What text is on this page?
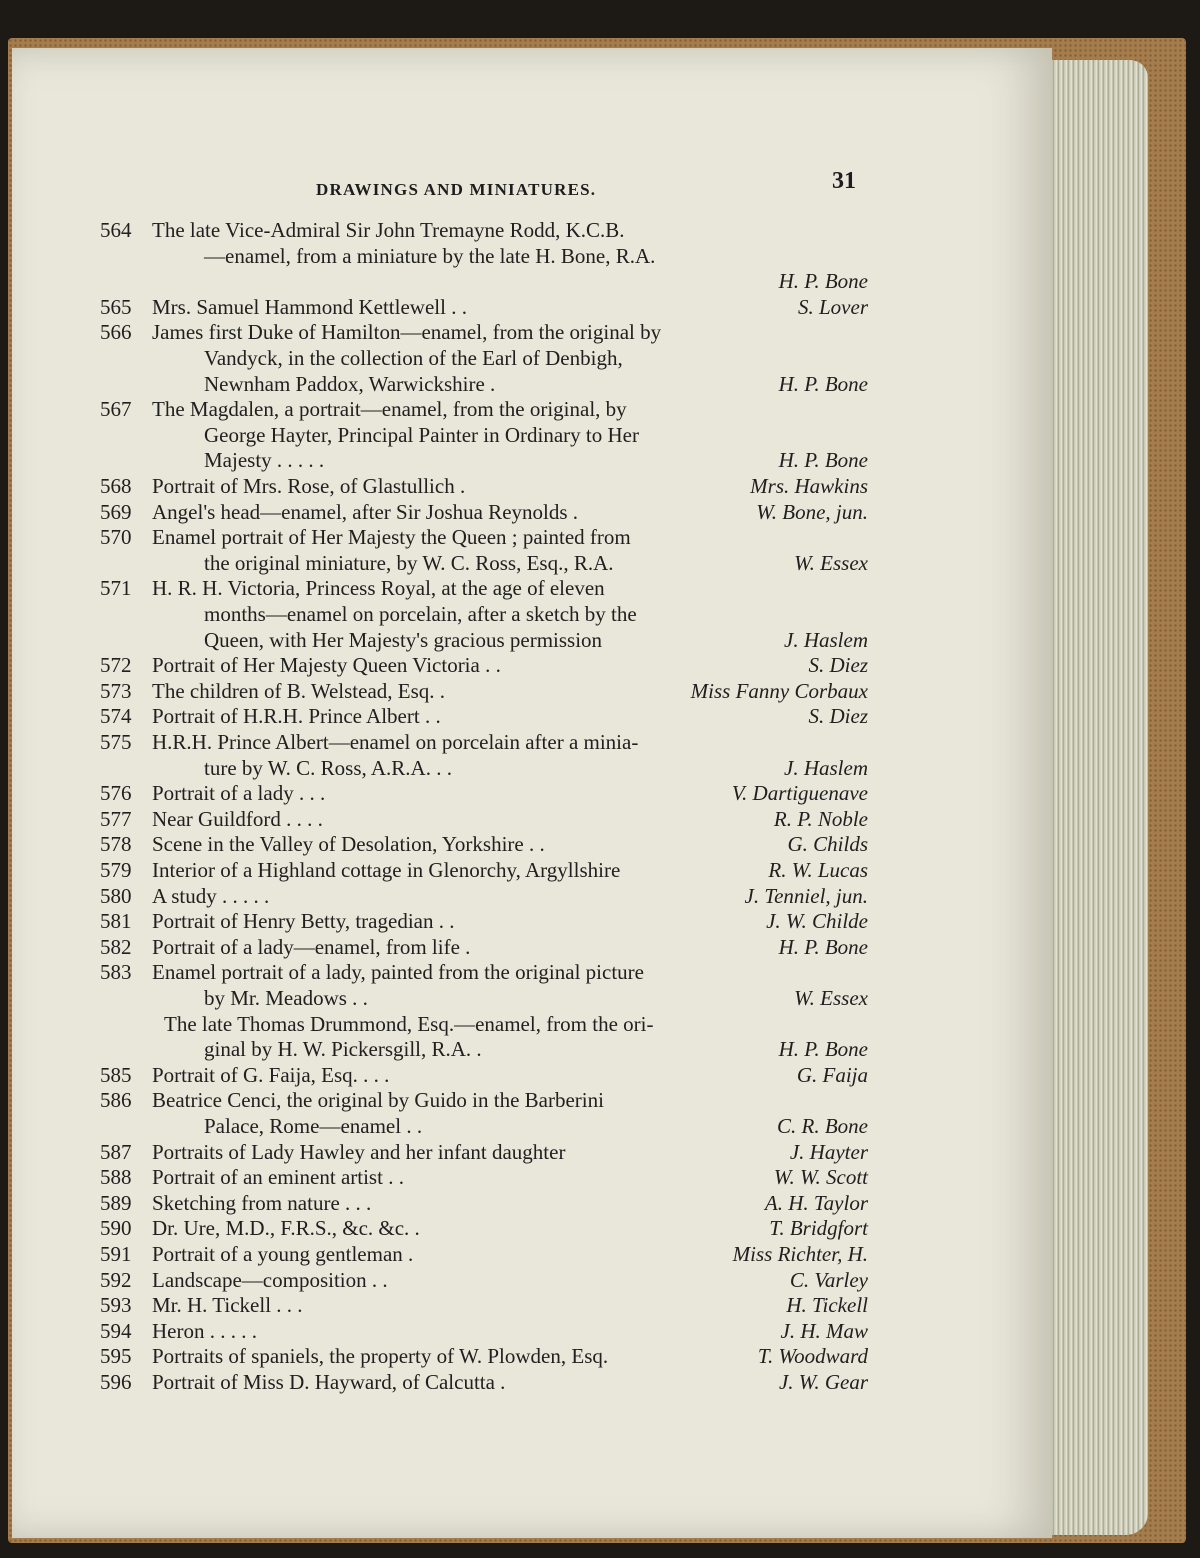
DRAWINGS AND MINIATURES.	31
564 The late Vice-Admiral Sir John Tremayne Rodd, K.C.B.
—enamel, from a miniature by the late H. Bone, R.A.
H. P. Bone
565 Mrs. Samuel Hammond Kettlewell . .	S. Lover
566 James first Duke of Hamilton—enamel, from the original by
Vandyck, in the collection of the Earl of Denbigh,
Newnham Paddox, Warwickshire .	H. P. Bone
567 The Magdalen, a portrait—enamel, from the original, by
George Hayter, Principal Painter in Ordinary to Her
Majesty . . . . .	H. P. Bone
568 Portrait of Mrs. Rose, of Glastullich .	Mrs. Hawkins
569 Angel's head—enamel, after Sir Joshua Reynolds .	W. Bone, jun.
570 Enamel portrait of Her Majesty the Queen ; painted from
the original miniature, by W. C. Ross, Esq., R.A.	W. Essex
571 H. R. H. Victoria, Princess Royal, at the age of eleven
months—enamel on porcelain, after a sketch by the
Queen, with Her Majesty's gracious permission	J. Haslem
572 Portrait of Her Majesty Queen Victoria . .	S. Diez
573 The children of B. Welstead, Esq. .	Miss Fanny Corbaux
574 Portrait of H.R.H. Prince Albert . .	S. Diez
575 H.R.H. Prince Albert—enamel on porcelain after a minia-
ture by W. C. Ross, A.R.A. . .	J. Haslem
576 Portrait of a lady . . .	V. Dartiguenave
577 Near Guildford . . . .	R. P. Noble
578 Scene in the Valley of Desolation, Yorkshire . .	G. Childs
579 Interior of a Highland cottage in Glenorchy, Argyllshire	R. W. Lucas
580 A study . . . . .	J. Tenniel, jun.
581 Portrait of Henry Betty, tragedian . .	J. W. Childe
582 Portrait of a lady—enamel, from life .	H. P. Bone
583 Enamel portrait of a lady, painted from the original picture
by Mr. Meadows . .	W. Essex
The late Thomas Drummond, Esq.—enamel, from the ori-
ginal by H. W. Pickersgill, R.A. .	H. P. Bone
585 Portrait of G. Faija, Esq. . . .	G. Faija
586 Beatrice Cenci, the original by Guido in the Barberini
Palace, Rome—enamel . .	C. R. Bone
587 Portraits of Lady Hawley and her infant daughter	J. Hayter
588 Portrait of an eminent artist . .	W. W. Scott
589 Sketching from nature . . .	A. H. Taylor
590 Dr. Ure, M.D., F.R.S., &c. &c. .	T. Bridgfort
591 Portrait of a young gentleman .	Miss Richter, H.
592 Landscape—composition . .	C. Varley
593 Mr. H. Tickell . . .	H. Tickell
594 Heron . . . . .	J. H. Maw
595 Portraits of spaniels, the property of W. Plowden, Esq.	T. Woodward
596 Portrait of Miss D. Hayward, of Calcutta .	J. W. Gear
